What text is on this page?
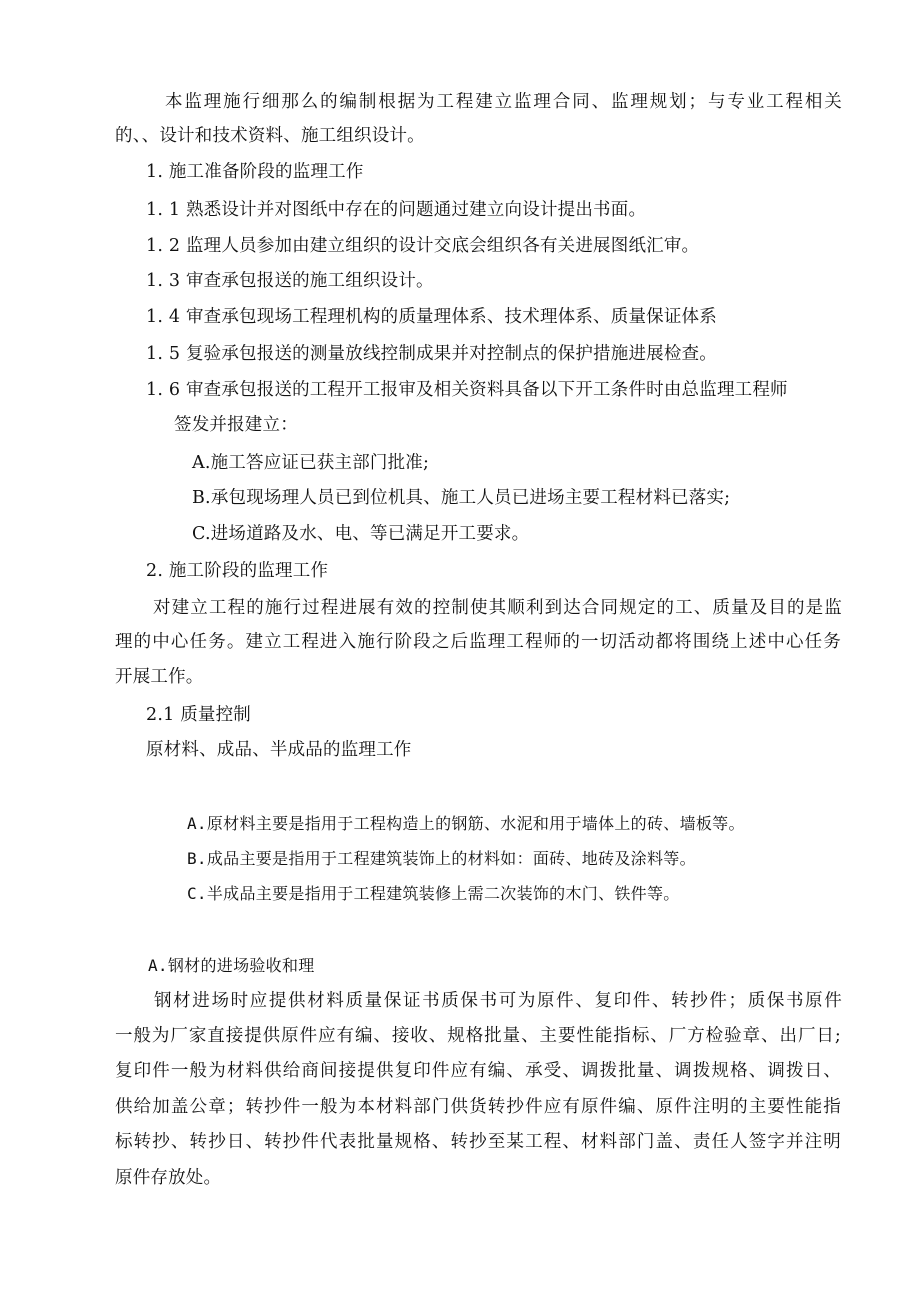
本监理施行细那么的编制根据为工程建立监理合同、监理规划；与专业工程相关
的、、设计和技术资料、施工组织设计。
1. 施工准备阶段的监理工作
1. 1 熟悉设计并对图纸中存在的问题通过建立向设计提出书面。
1. 2 监理人员参加由建立组织的设计交底会组织各有关进展图纸汇审。
1. 3 审查承包报送的施工组织设计。
1. 4 审查承包现场工程理机构的质量理体系、技术理体系、质量保证体系
1. 5 复验承包报送的测量放线控制成果并对控制点的保护措施进展检查。
1. 6 审查承包报送的工程开工报审及相关资料具备以下开工条件时由总监理工程师
签发并报建立：
A.施工答应证已获主部门批准;
B.承包现场理人员已到位机具、施工人员已进场主要工程材料已落实;
C.进场道路及水、电、等已满足开工要求。
2. 施工阶段的监理工作
对建立工程的施行过程进展有效的控制使其顺利到达合同规定的工、质量及目的是监
理的中心任务。建立工程进入施行阶段之后监理工程师的一切活动都将围绕上述中心任务
开展工作。
2.1 质量控制
原材料、成品、半成品的监理工作
A.原材料主要是指用于工程构造上的钢筋、水泥和用于墙体上的砖、墙板等。
B.成品主要是指用于工程建筑装饰上的材料如：面砖、地砖及涂料等。
C.半成品主要是指用于工程建筑装修上需二次装饰的木门、铁件等。
A.钢材的进场验收和理
钢材进场时应提供材料质量保证书质保书可为原件、复印件、转抄件；质保书原件
一般为厂家直接提供原件应有编、接收、规格批量、主要性能指标、厂方检验章、出厂日;
复印件一般为材料供给商间接提供复印件应有编、承受、调拨批量、调拨规格、调拨日、
供给加盖公章；转抄件一般为本材料部门供货转抄件应有原件编、原件注明的主要性能指
标转抄、转抄日、转抄件代表批量规格、转抄至某工程、材料部门盖、责任人签字并注明
原件存放处。
